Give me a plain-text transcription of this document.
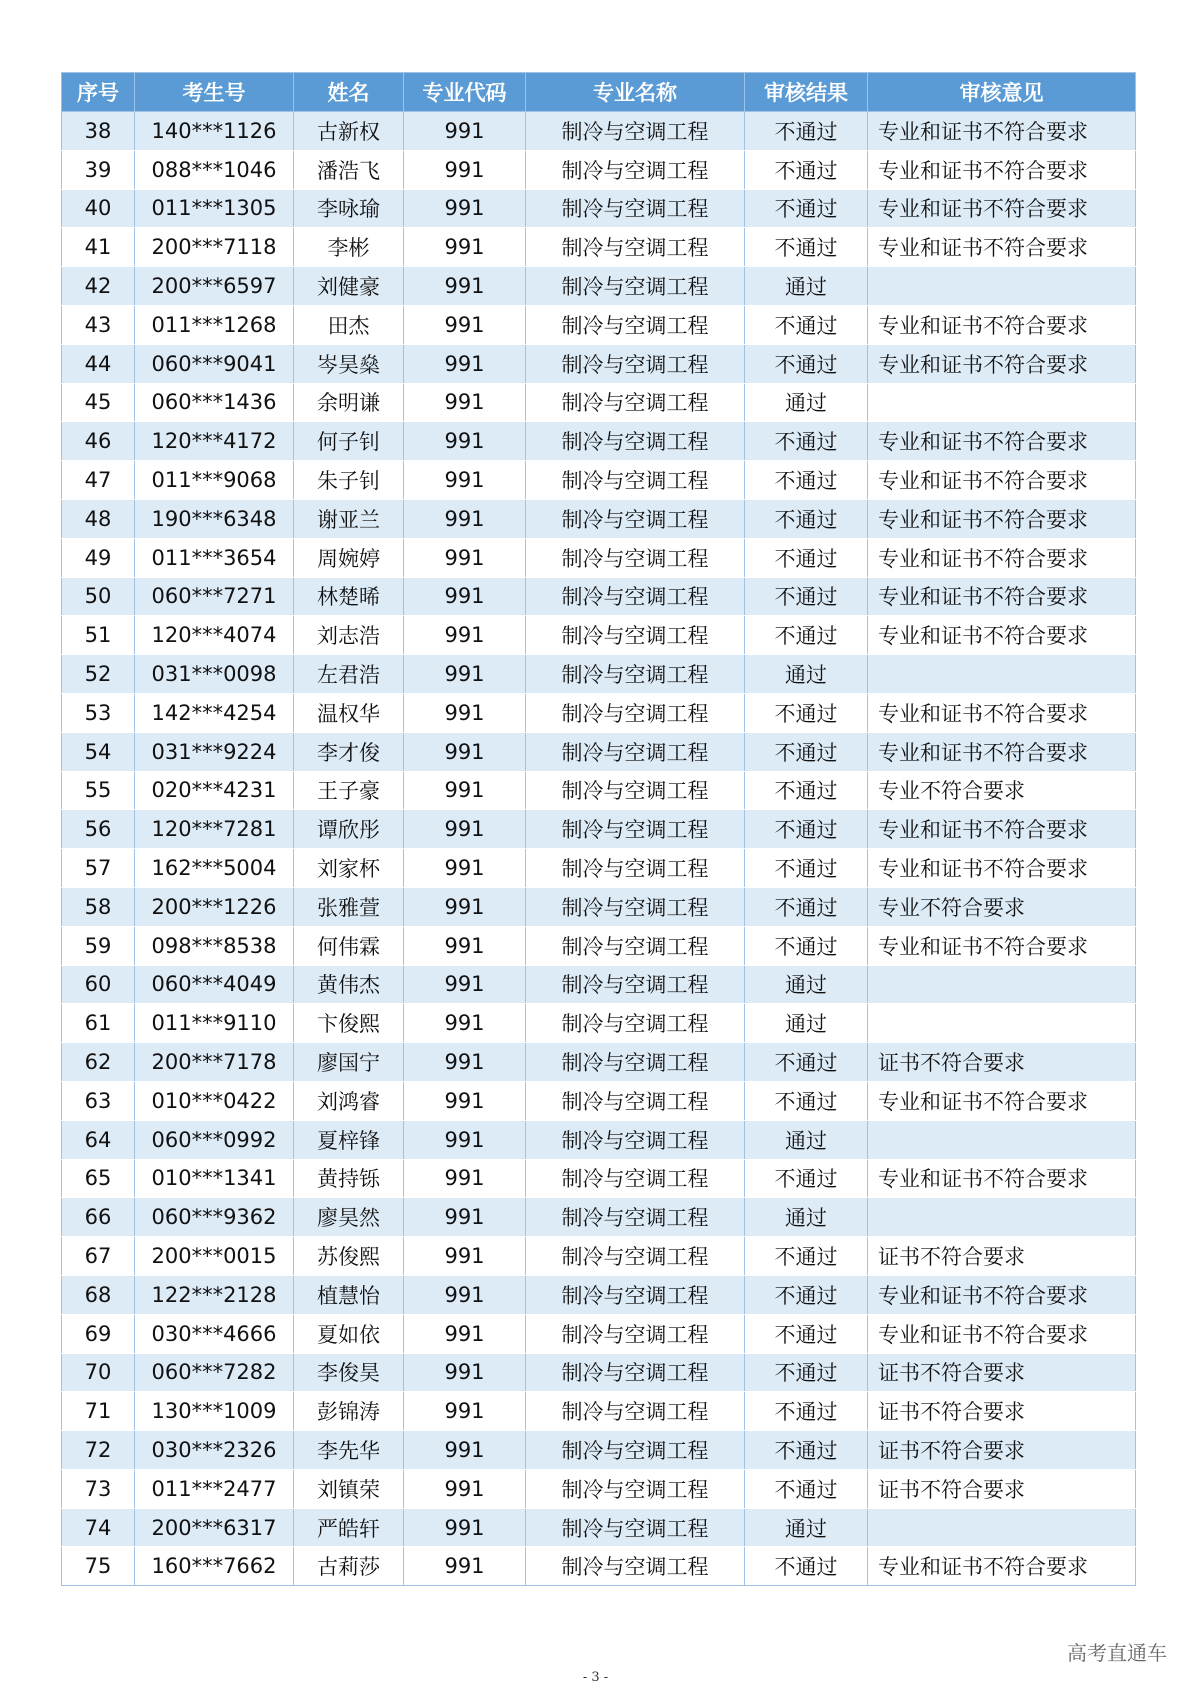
序号	考生号	姓名	专业代码	专业名称	审核结果	审核意见
38	140***1126	古新权	991	制冷与空调工程	不通过	专业和证书不符合要求
39	088***1046	潘浩飞	991	制冷与空调工程	不通过	专业和证书不符合要求
40	011***1305	李咏瑜	991	制冷与空调工程	不通过	专业和证书不符合要求
41	200***7118	李彬	991	制冷与空调工程	不通过	专业和证书不符合要求
42	200***6597	刘健豪	991	制冷与空调工程	通过	
43	011***1268	田杰	991	制冷与空调工程	不通过	专业和证书不符合要求
44	060***9041	岑昊燊	991	制冷与空调工程	不通过	专业和证书不符合要求
45	060***1436	余明谦	991	制冷与空调工程	通过	
46	120***4172	何子钊	991	制冷与空调工程	不通过	专业和证书不符合要求
47	011***9068	朱子钊	991	制冷与空调工程	不通过	专业和证书不符合要求
48	190***6348	谢亚兰	991	制冷与空调工程	不通过	专业和证书不符合要求
49	011***3654	周婉婷	991	制冷与空调工程	不通过	专业和证书不符合要求
50	060***7271	林楚晞	991	制冷与空调工程	不通过	专业和证书不符合要求
51	120***4074	刘志浩	991	制冷与空调工程	不通过	专业和证书不符合要求
52	031***0098	左君浩	991	制冷与空调工程	通过	
53	142***4254	温权华	991	制冷与空调工程	不通过	专业和证书不符合要求
54	031***9224	李才俊	991	制冷与空调工程	不通过	专业和证书不符合要求
55	020***4231	王子豪	991	制冷与空调工程	不通过	专业不符合要求
56	120***7281	谭欣彤	991	制冷与空调工程	不通过	专业和证书不符合要求
57	162***5004	刘家杯	991	制冷与空调工程	不通过	专业和证书不符合要求
58	200***1226	张雅萱	991	制冷与空调工程	不通过	专业不符合要求
59	098***8538	何伟霖	991	制冷与空调工程	不通过	专业和证书不符合要求
60	060***4049	黄伟杰	991	制冷与空调工程	通过	
61	011***9110	卞俊熙	991	制冷与空调工程	通过	
62	200***7178	廖国宁	991	制冷与空调工程	不通过	证书不符合要求
63	010***0422	刘鸿睿	991	制冷与空调工程	不通过	专业和证书不符合要求
64	060***0992	夏梓锋	991	制冷与空调工程	通过	
65	010***1341	黄持铄	991	制冷与空调工程	不通过	专业和证书不符合要求
66	060***9362	廖昊然	991	制冷与空调工程	通过	
67	200***0015	苏俊熙	991	制冷与空调工程	不通过	证书不符合要求
68	122***2128	植慧怡	991	制冷与空调工程	不通过	专业和证书不符合要求
69	030***4666	夏如依	991	制冷与空调工程	不通过	专业和证书不符合要求
70	060***7282	李俊昊	991	制冷与空调工程	不通过	证书不符合要求
71	130***1009	彭锦涛	991	制冷与空调工程	不通过	证书不符合要求
72	030***2326	李先华	991	制冷与空调工程	不通过	证书不符合要求
73	011***2477	刘镇荣	991	制冷与空调工程	不通过	证书不符合要求
74	200***6317	严皓轩	991	制冷与空调工程	通过	
75	160***7662	古莉莎	991	制冷与空调工程	不通过	专业和证书不符合要求
高考直通车
- 3 -
